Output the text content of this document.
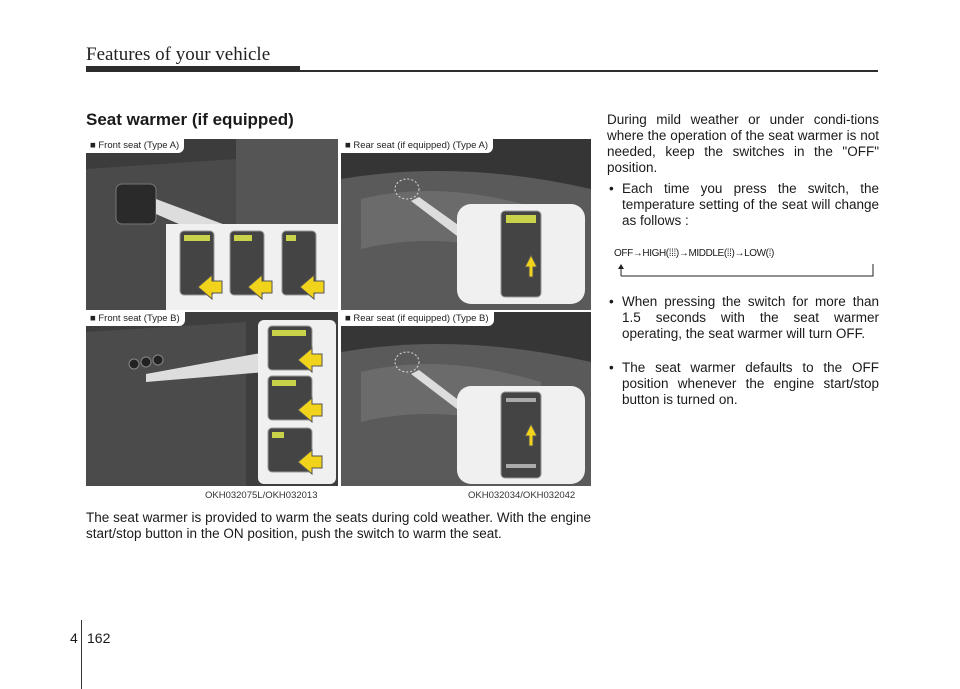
Features of your vehicle
Seat warmer (if equipped)
■ Front seat (Type A)
■ Front seat (Type B)
■ Rear seat (if equipped) (Type A)
■ Rear seat (if equipped) (Type B)
OKH032075L/OKH032013	OKH032034/OKH032042
The seat warmer is provided to warm the seats during cold weather. With the engine start/stop button in the ON position, push the switch to warm the seat.
During mild weather or under condi-tions where the operation of the seat warmer is not needed, keep the switches in the "OFF" position.
• Each time you press the switch, the temperature setting of the seat will change as follows :
OFF→HIGH(⁞⁞⁞)→MIDDLE(⁞⁞)→LOW(⁞)
• When pressing the switch for more than 1.5 seconds with the seat warmer operating, the seat warmer will turn OFF.
• The seat warmer defaults to the OFF position whenever the engine start/stop button is turned on.
4 162
